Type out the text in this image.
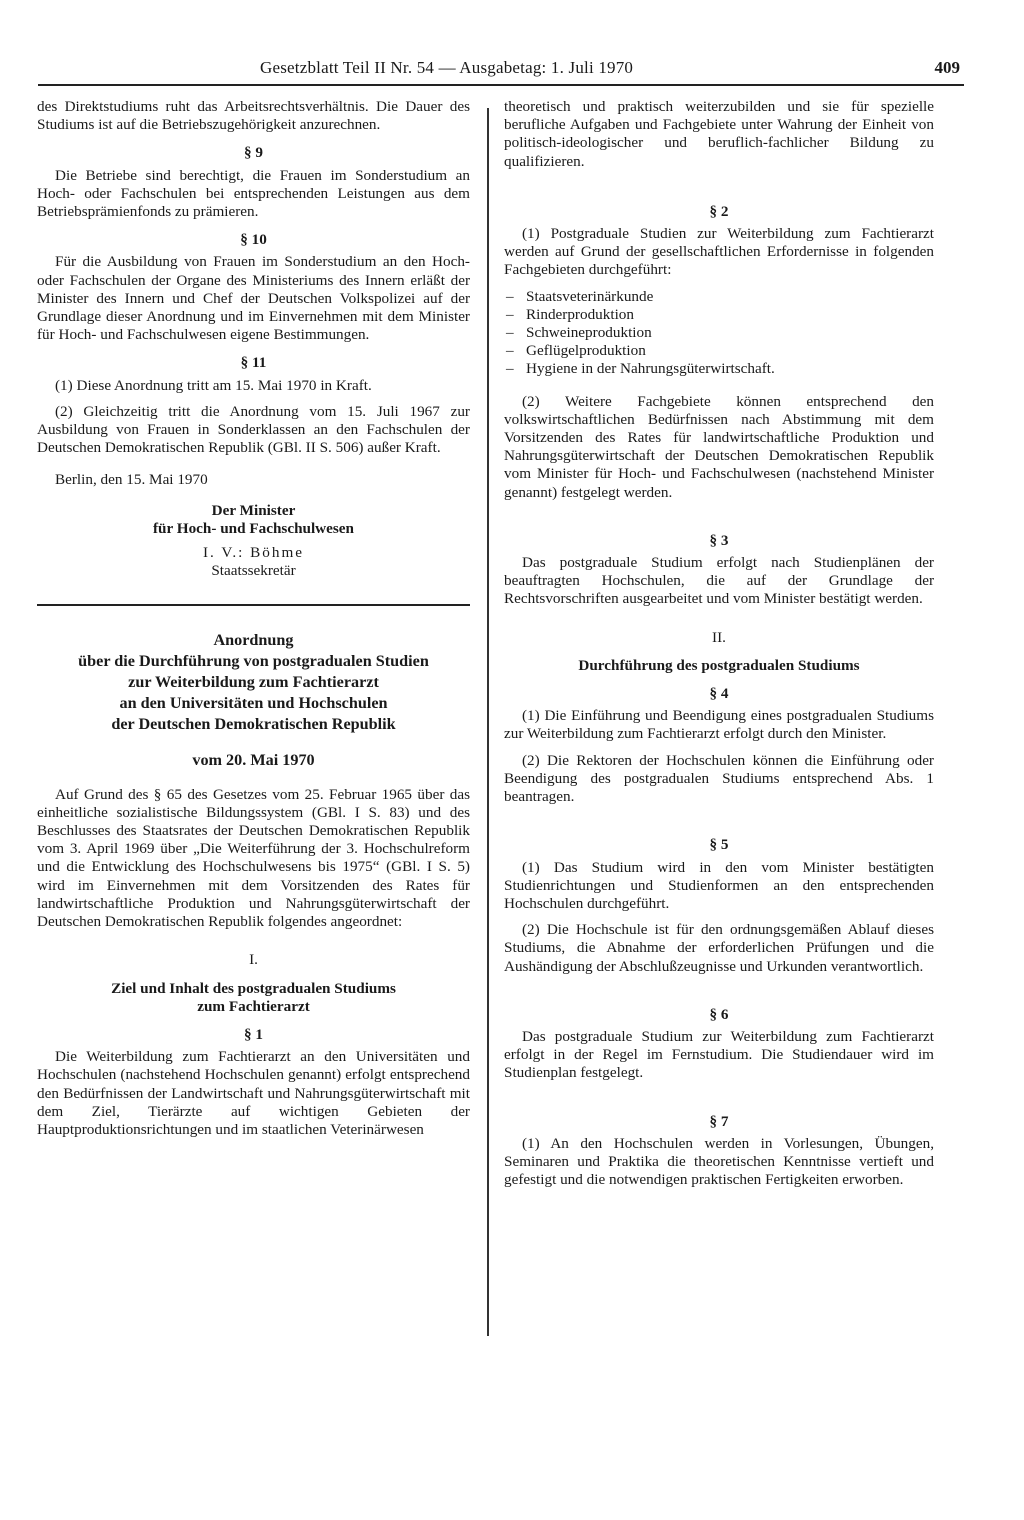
Gesetzblatt Teil II Nr. 54 — Ausgabetag: 1. Juli 1970	409

des Direktstudiums ruht das Arbeitsrechtsverhältnis. Die Dauer des Studiums ist auf die Betriebszugehörigkeit anzurechnen.

§ 9

Die Betriebe sind berechtigt, die Frauen im Sonderstudium an Hoch- oder Fachschulen bei entsprechenden Leistungen aus dem Betriebsprämienfonds zu prämieren.

§ 10

Für die Ausbildung von Frauen im Sonderstudium an den Hoch- oder Fachschulen der Organe des Ministeriums des Innern erläßt der Minister des Innern und Chef der Deutschen Volkspolizei auf der Grundlage dieser Anordnung und im Einvernehmen mit dem Minister für Hoch- und Fachschulwesen eigene Bestimmungen.

§ 11

(1) Diese Anordnung tritt am 15. Mai 1970 in Kraft.

(2) Gleichzeitig tritt die Anordnung vom 15. Juli 1967 zur Ausbildung von Frauen in Sonderklassen an den Fachschulen der Deutschen Demokratischen Republik (GBl. II S. 506) außer Kraft.

Berlin, den 15. Mai 1970

Der Minister

für Hoch- und Fachschulwesen

I. V.: Böhme

Staatssekretär

Anordnung

über die Durchführung von postgradualen Studien

zur Weiterbildung zum Fachtierarzt

an den Universitäten und Hochschulen

der Deutschen Demokratischen Republik

vom 20. Mai 1970

Auf Grund des § 65 des Gesetzes vom 25. Februar 1965 über das einheitliche sozialistische Bildungssystem (GBl. I S. 83) und des Beschlusses des Staatsrates der Deutschen Demokratischen Republik vom 3. April 1969 über „Die Weiterführung der 3. Hochschulreform und die Entwicklung des Hochschulwesens bis 1975“ (GBl. I S. 5) wird im Einvernehmen mit dem Vorsitzenden des Rates für landwirtschaftliche Produktion und Nahrungsgüterwirtschaft der Deutschen Demokratischen Republik folgendes angeordnet:

I.

Ziel und Inhalt des postgradualen Studiums
zum Fachtierarzt

§ 1

Die Weiterbildung zum Fachtierarzt an den Universitäten und Hochschulen (nachstehend Hochschulen genannt) erfolgt entsprechend den Bedürfnissen der Landwirtschaft und Nahrungsgüterwirtschaft mit dem Ziel, Tierärzte auf wichtigen Gebieten der Hauptproduktionsrichtungen und im staatlichen Veterinärwesen

theoretisch und praktisch weiterzubilden und sie für spezielle berufliche Aufgaben und Fachgebiete unter Wahrung der Einheit von politisch-ideologischer und beruflich-fachlicher Bildung zu qualifizieren.

§ 2

(1) Postgraduale Studien zur Weiterbildung zum Fachtierarzt werden auf Grund der gesellschaftlichen Erfordernisse in folgenden Fachgebieten durchgeführt:

– Staatsveterinärkunde
– Rinderproduktion
– Schweineproduktion
– Geflügelproduktion
– Hygiene in der Nahrungsgüterwirtschaft.

(2) Weitere Fachgebiete können entsprechend den volkswirtschaftlichen Bedürfnissen nach Abstimmung mit dem Vorsitzenden des Rates für landwirtschaftliche Produktion und Nahrungsgüterwirtschaft der Deutschen Demokratischen Republik vom Minister für Hoch- und Fachschulwesen (nachstehend Minister genannt) festgelegt werden.

§ 3

Das postgraduale Studium erfolgt nach Studienplänen der beauftragten Hochschulen, die auf der Grundlage der Rechtsvorschriften ausgearbeitet und vom Minister bestätigt werden.

II.

Durchführung des postgradualen Studiums

§ 4

(1) Die Einführung und Beendigung eines postgradualen Studiums zur Weiterbildung zum Fachtierarzt erfolgt durch den Minister.

(2) Die Rektoren der Hochschulen können die Einführung oder Beendigung des postgradualen Studiums entsprechend Abs. 1 beantragen.

§ 5

(1) Das Studium wird in den vom Minister bestätigten Studienrichtungen und Studienformen an den entsprechenden Hochschulen durchgeführt.

(2) Die Hochschule ist für den ordnungsgemäßen Ablauf dieses Studiums, die Abnahme der erforderlichen Prüfungen und die Aushändigung der Abschlußzeugnisse und Urkunden verantwortlich.

§ 6

Das postgraduale Studium zur Weiterbildung zum Fachtierarzt erfolgt in der Regel im Fernstudium. Die Studiendauer wird im Studienplan festgelegt.

§ 7

(1) An den Hochschulen werden in Vorlesungen, Übungen, Seminaren und Praktika die theoretischen Kenntnisse vertieft und gefestigt und die notwendigen praktischen Fertigkeiten erworben.
